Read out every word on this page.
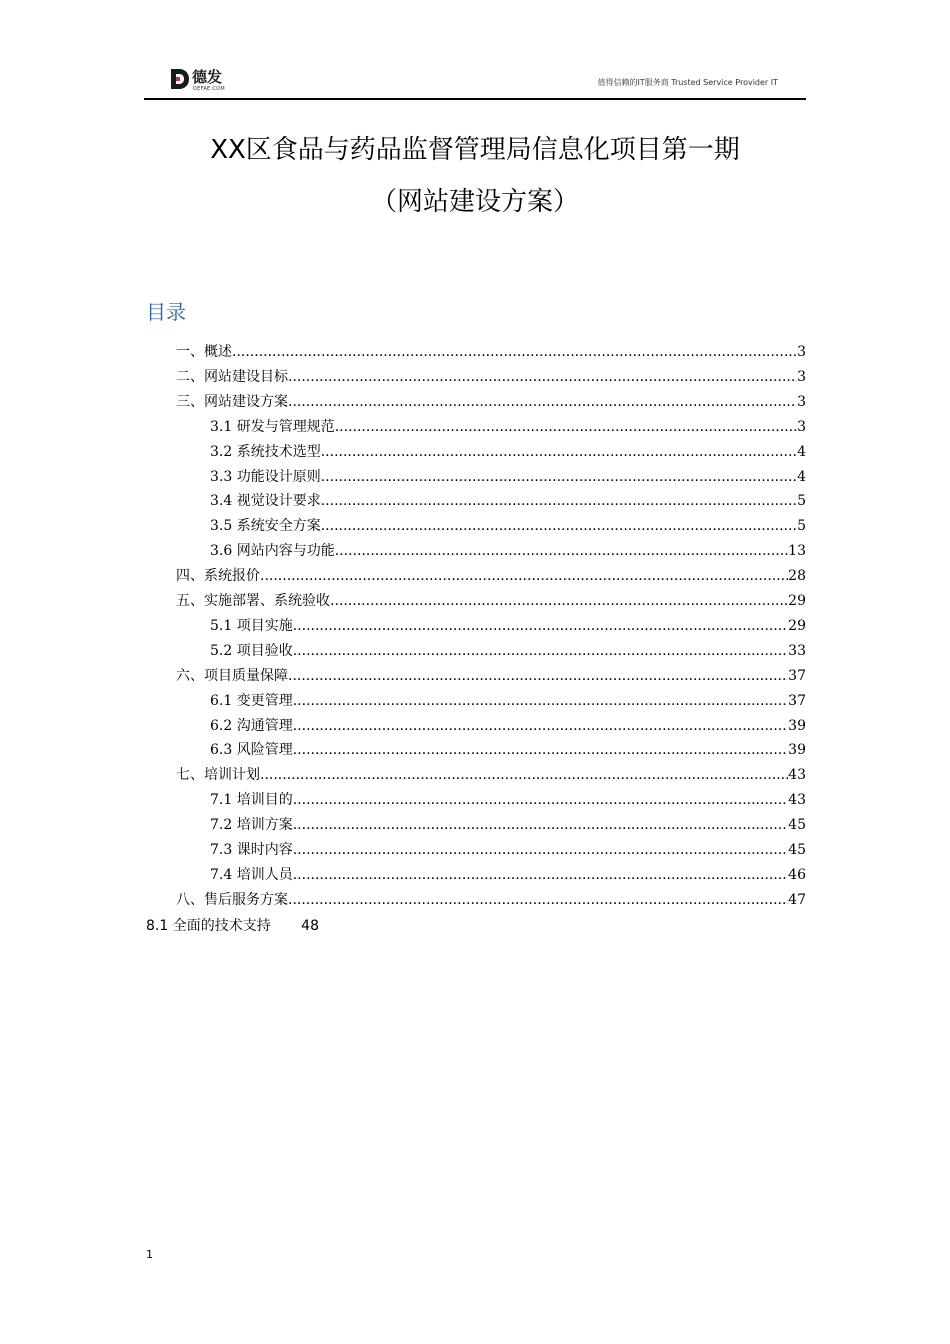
德发
DEFAE.COM
值得信赖的IT服务商 Trusted Service Provider IT
XX区食品与药品监督管理局信息化项目第一期
（网站建设方案）
目录
一、概述 .....	3
二、网站建设目标 .....	3
三、网站建设方案 .....	3
3.1 研发与管理规范 .....	3
3.2 系统技术选型 .....	4
3.3 功能设计原则 .....	4
3.4 视觉设计要求 .....	5
3.5 系统安全方案 .....	5
3.6 网站内容与功能 .....	13
四、系统报价 .....	28
五、实施部署、系统验收 .....	29
5.1 项目实施 .....	29
5.2 项目验收 .....	33
六、项目质量保障 .....	37
6.1 变更管理 .....	37
6.2 沟通管理 .....	39
6.3 风险管理 .....	39
七、培训计划 .....	43
7.1 培训目的 .....	43
7.2 培训方案 .....	45
7.3 课时内容 .....	45
7.4 培训人员 .....	46
八、售后服务方案 .....	47
8.1 全面的技术支持 48
1
